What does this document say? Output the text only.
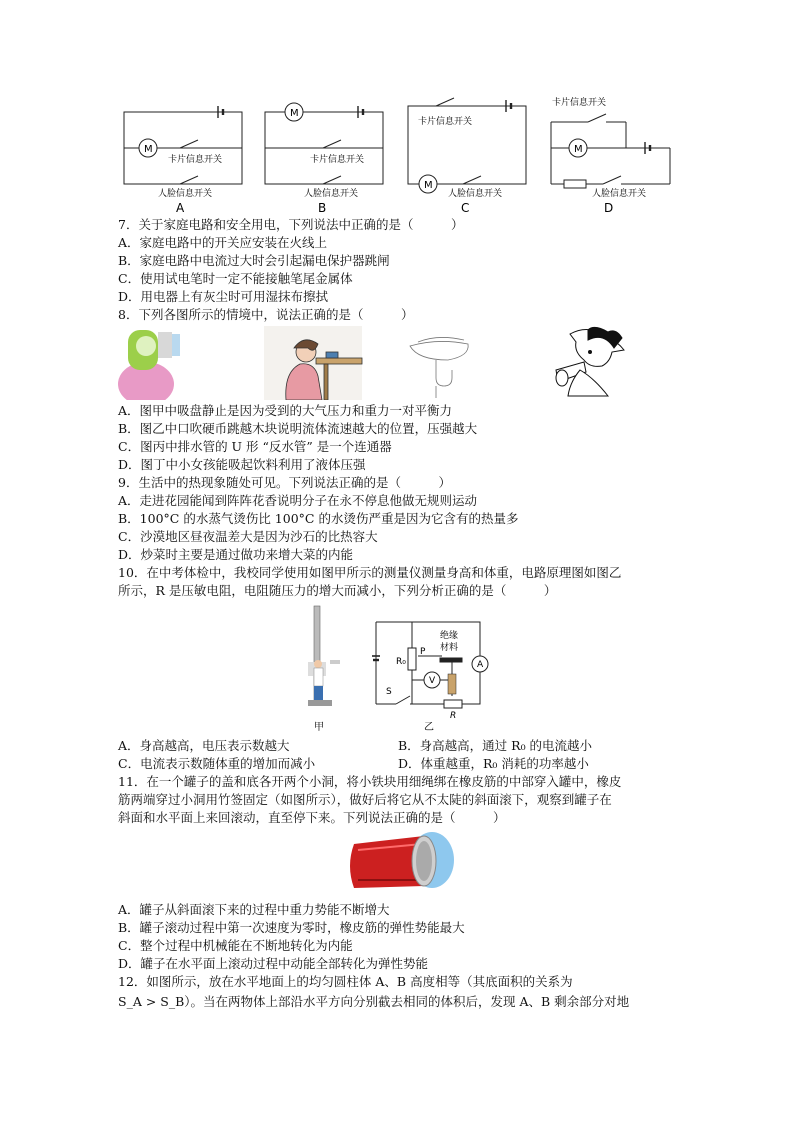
M
M
M
M
卡片信息开关
人脸信息开关
卡片信息开关
人脸信息开关
卡片信息开关
人脸信息开关
卡片信息开关
人脸信息开关
A	B	C	D
7．关于家庭电路和安全用电，下列说法中正确的是（　　　）
A．家庭电路中的开关应安装在火线上
B．家庭电路中电流过大时会引起漏电保护器跳闸
C．使用试电笔时一定不能接触笔尾金属体
D．用电器上有灰尘时可用湿抹布擦拭
8．下列各图所示的情境中，说法正确的是（　　　）
A．图甲中吸盘静止是因为受到的大气压力和重力一对平衡力
B．图乙中口吹硬币跳越木块说明流体流速越大的位置，压强越大
C．图丙中排水管的 U 形 “反水管” 是一个连通器
D．图丁中小女孩能吸起饮料利用了液体压强
9．生活中的热现象随处可见。下列说法正确的是（　　　）
A．走进花园能闻到阵阵花香说明分子在永不停息他做无规则运动
B．100°C 的水蒸气烫伤比 100°C 的水烫伤严重是因为它含有的热量多
C．沙漠地区昼夜温差大是因为沙石的比热容大
D．炒菜时主要是通过做功来增大菜的内能
10．在中考体检中，我校同学使用如图甲所示的测量仪测量身高和体重，电路原理图如图乙
所示，R 是压敏电阻，电阻随压力的增大而减小，下列分析正确的是（　　　）
甲
绝缘
材料
P
R₀
S
R
V
A
乙
A．身高越高，电压表示数越大	B．身高越高，通过 R₀ 的电流越小
C．电流表示数随体重的增加而减小	D．体重越重，R₀ 消耗的功率越小
11．在一个罐子的盖和底各开两个小洞，将小铁块用细绳绑在橡皮筋的中部穿入罐中，橡皮
筋两端穿过小洞用竹签固定（如图所示），做好后将它从不太陡的斜面滚下，观察到罐子在
斜面和水平面上来回滚动，直至停下来。下列说法正确的是（　　　）
A．罐子从斜面滚下来的过程中重力势能不断增大
B．罐子滚动过程中第一次速度为零时，橡皮筋的弹性势能最大
C．整个过程中机械能在不断地转化为内能
D．罐子在水平面上滚动过程中动能全部转化为弹性势能
12．如图所示，放在水平地面上的均匀圆柱体 A、B 高度相等（其底面积的关系为
S_A > S_B）。当在两物体上部沿水平方向分别截去相同的体积后，发现 A、B 剩余部分对地
